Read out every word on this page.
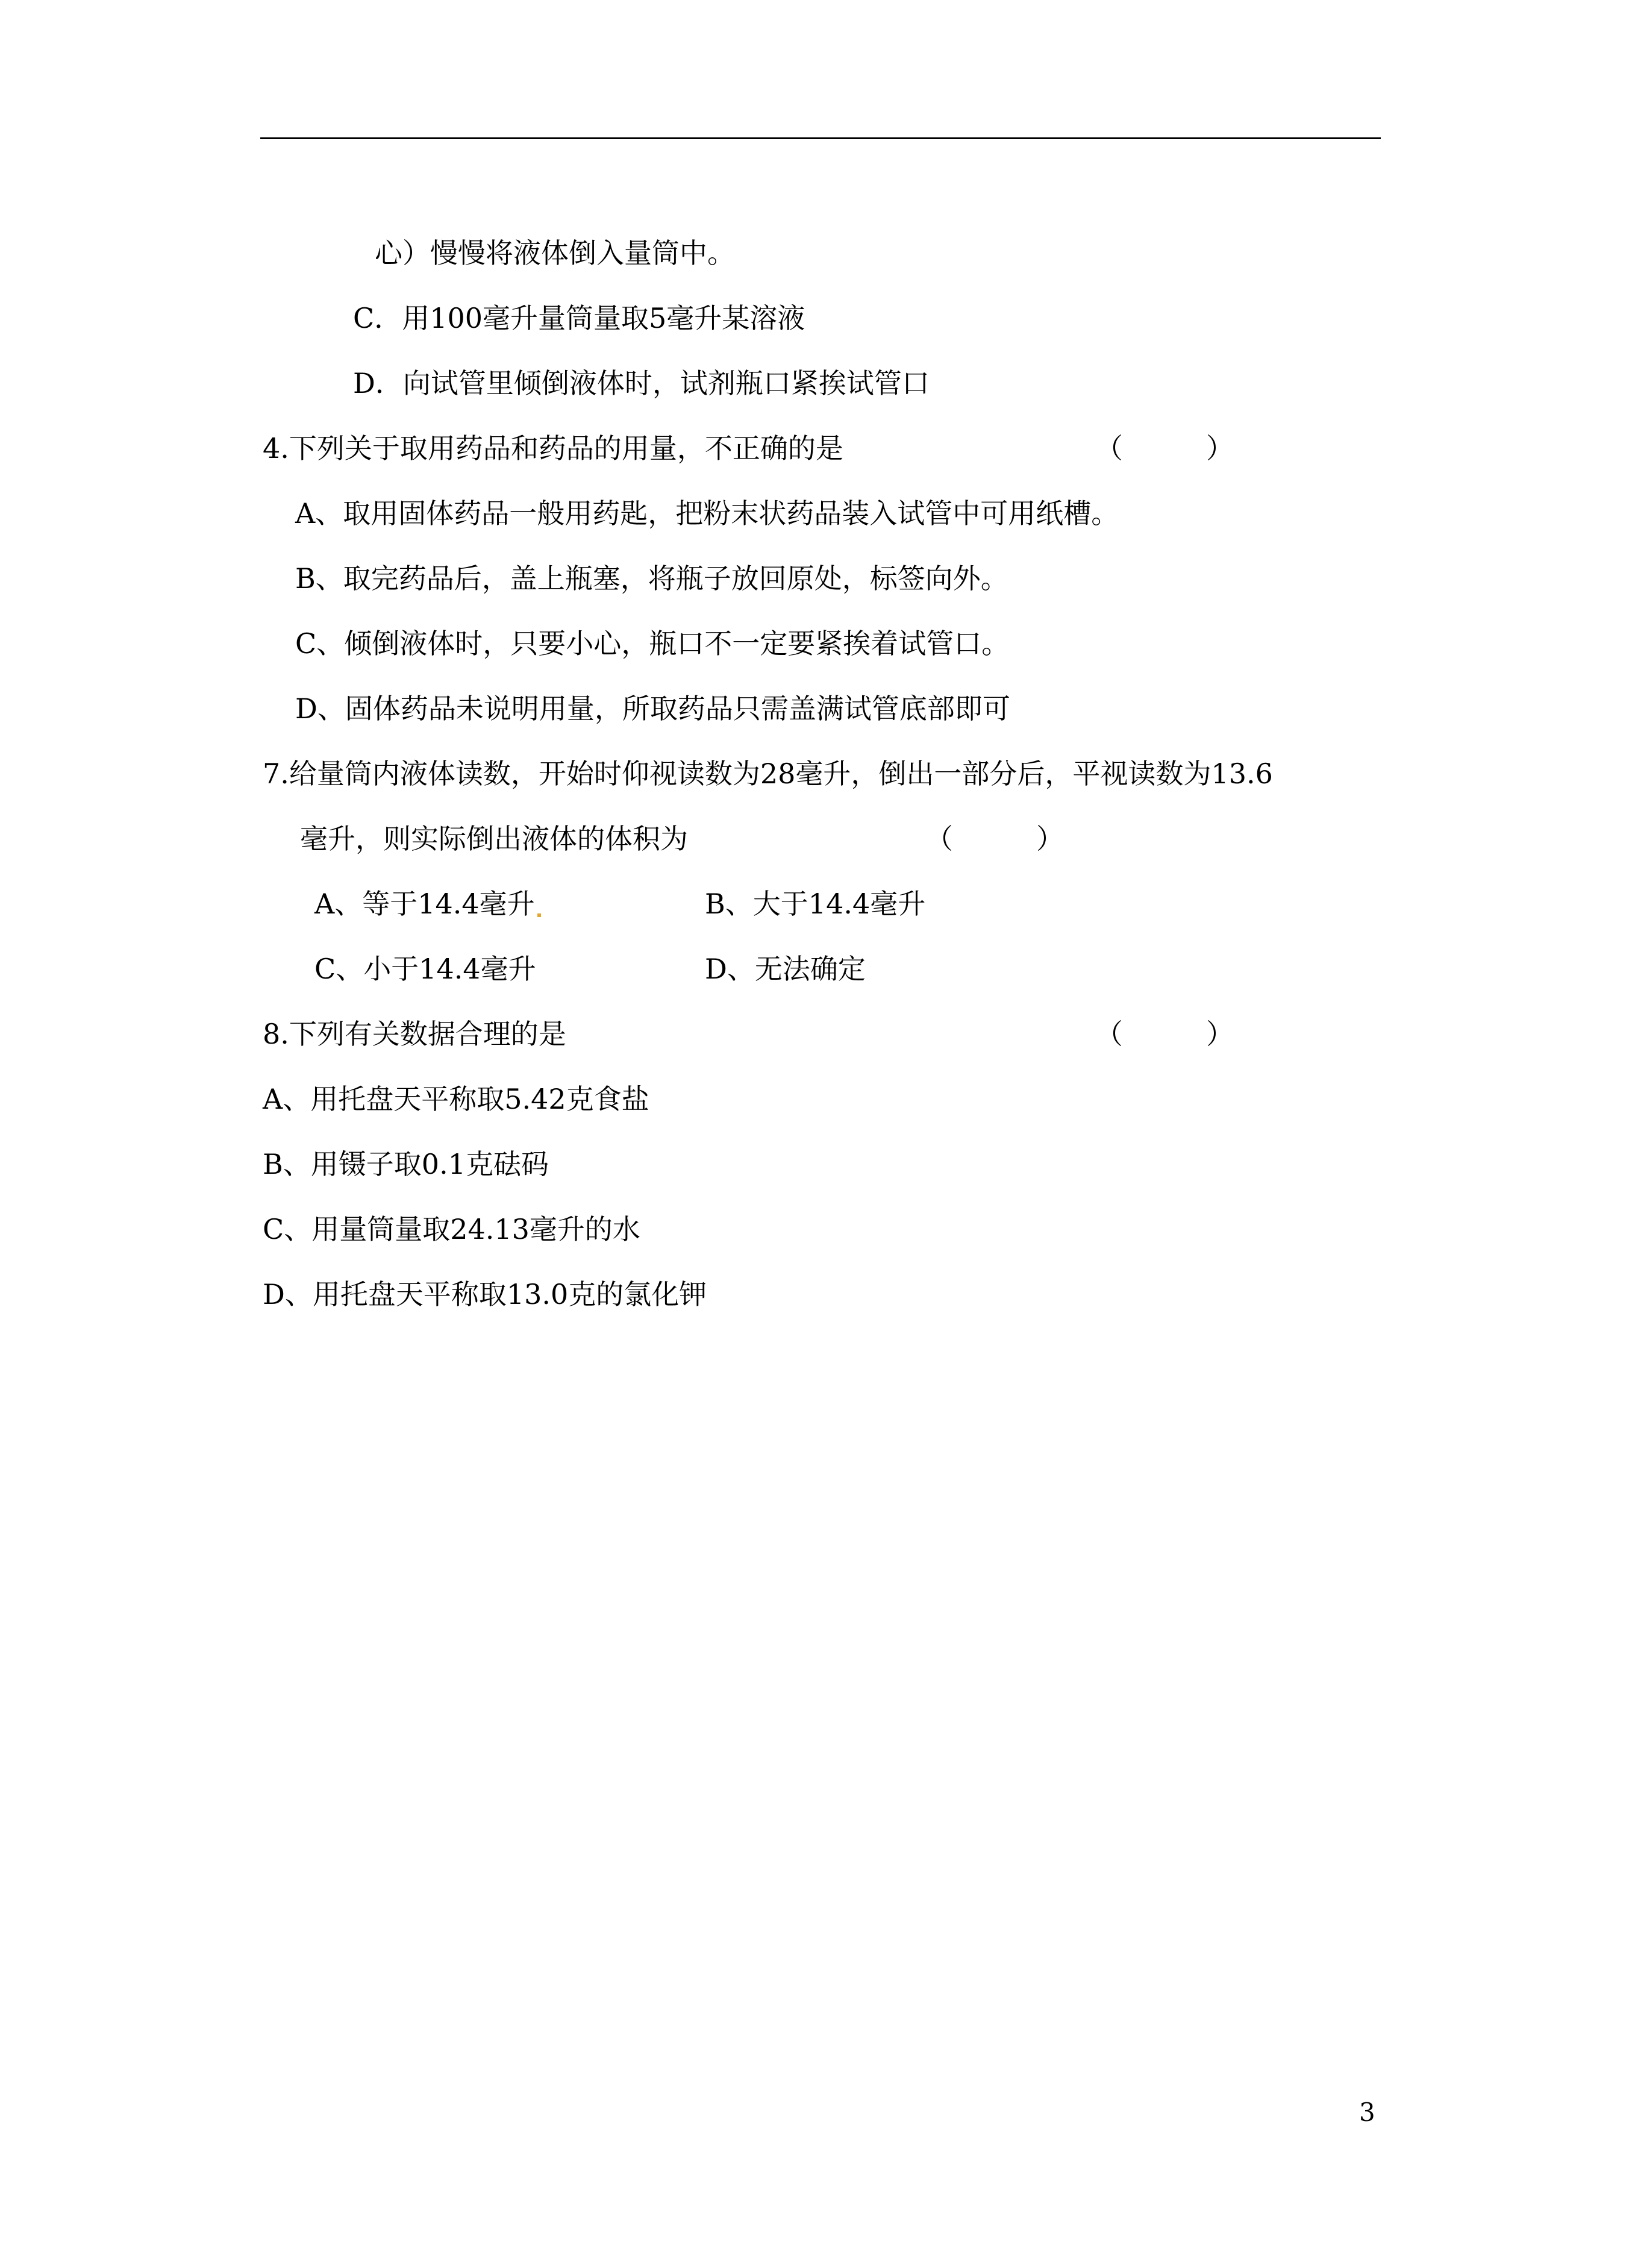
心）慢慢将液体倒入量筒中。
C．用100毫升量筒量取5毫升某溶液
D．向试管里倾倒液体时，试剂瓶口紧挨试管口
4.下列关于取用药品和药品的用量，不正确的是	（　　　）
A、取用固体药品一般用药匙，把粉末状药品装入试管中可用纸槽。
B、取完药品后，盖上瓶塞，将瓶子放回原处，标签向外。
C、倾倒液体时，只要小心，瓶口不一定要紧挨着试管口。
D、固体药品未说明用量，所取药品只需盖满试管底部即可
7.给量筒内液体读数，开始时仰视读数为28毫升，倒出一部分后，平视读数为13.6
毫升，则实际倒出液体的体积为	（　　　）
A、等于14.4毫升	B、大于14.4毫升
C、小于14.4毫升	D、无法确定
8.下列有关数据合理的是	（　　　）
A、用托盘天平称取5.42克食盐
B、用镊子取0.1克砝码
C、用量筒量取24.13毫升的水
D、用托盘天平称取13.0克的氯化钾
3
